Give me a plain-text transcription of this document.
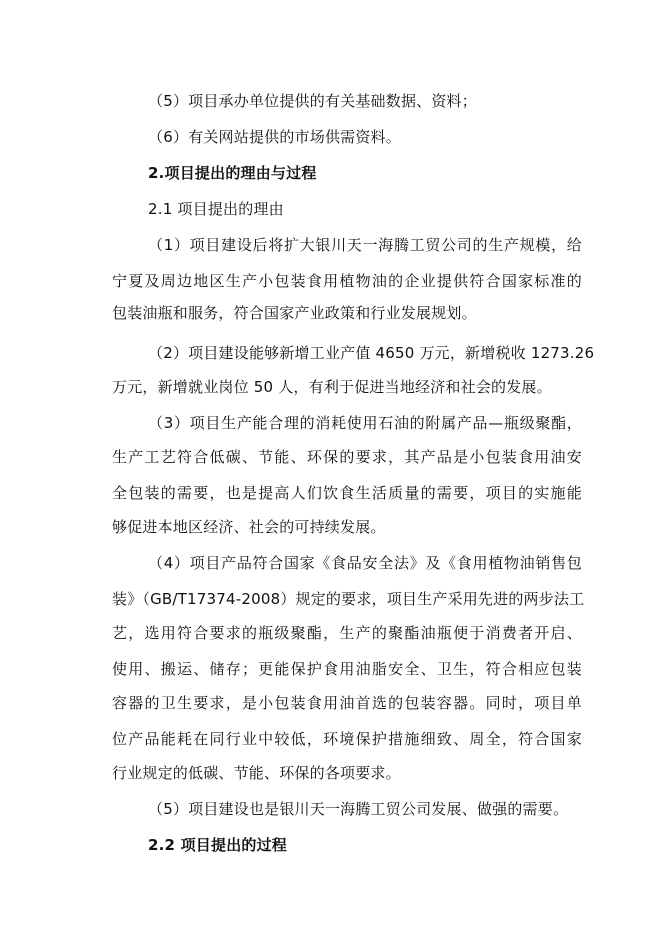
（5）项目承办单位提供的有关基础数据、资料；
（6）有关网站提供的市场供需资料。
2.项目提出的理由与过程
2.1 项目提出的理由
（1）项目建设后将扩大银川天一海腾工贸公司的生产规模，给
宁夏及周边地区生产小包装食用植物油的企业提供符合国家标准的
包装油瓶和服务，符合国家产业政策和行业发展规划。
（2）项目建设能够新增工业产值 4650 万元，新增税收 1273.26
万元，新增就业岗位 50 人，有利于促进当地经济和社会的发展。
（3）项目生产能合理的消耗使用石油的附属产品—瓶级聚酯，
生产工艺符合低碳、节能、环保的要求，其产品是小包装食用油安
全包装的需要，也是提高人们饮食生活质量的需要，项目的实施能
够促进本地区经济、社会的可持续发展。
（4）项目产品符合国家《食品安全法》及《食用植物油销售包
装》（GB/T17374-2008）规定的要求，项目生产采用先进的两步法工
艺，选用符合要求的瓶级聚酯，生产的聚酯油瓶便于消费者开启、
使用、搬运、储存；更能保护食用油脂安全、卫生，符合相应包装
容器的卫生要求，是小包装食用油首选的包装容器。同时，项目单
位产品能耗在同行业中较低，环境保护措施细致、周全，符合国家
行业规定的低碳、节能、环保的各项要求。
（5）项目建设也是银川天一海腾工贸公司发展、做强的需要。
2.2 项目提出的过程
